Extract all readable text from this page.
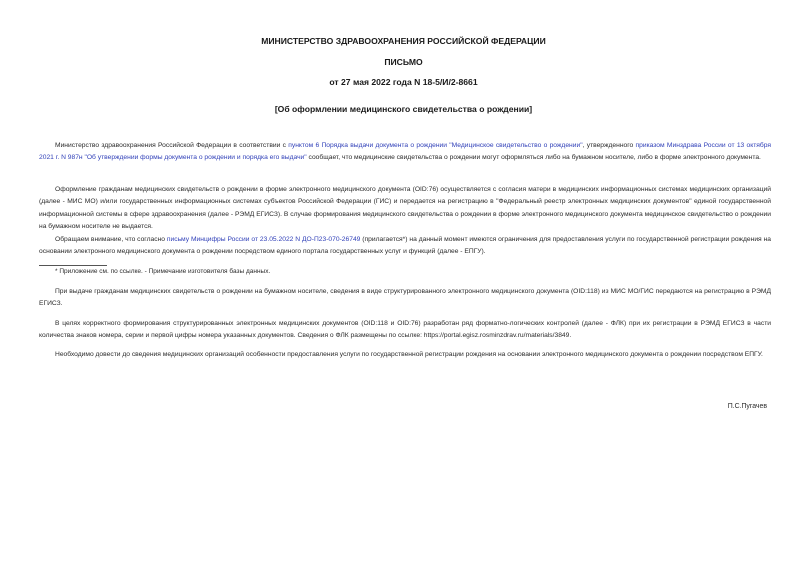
МИНИСТЕРСТВО ЗДРАВООХРАНЕНИЯ РОССИЙСКОЙ ФЕДЕРАЦИИ
ПИСЬМО
от 27 мая 2022 года N 18-5/И/2-8661
[Об оформлении медицинского свидетельства о рождении]
Министерство здравоохранения Российской Федерации в соответствии с пунктом 6 Порядка выдачи документа о рождении "Медицинское свидетельство о рождении", утвержденного приказом Минздрава России от 13 октября 2021 г. N 987н "Об утверждении формы документа о рождении и порядка его выдачи" сообщает, что медицинские свидетельства о рождении могут оформляться либо на бумажном носителе, либо в форме электронного документа.
Оформление гражданам медицинских свидетельств о рождении в форме электронного медицинского документа (OID:76) осуществляется с согласия матери в медицинских информационных системах медицинских организаций (далее - МИС МО) и/или государственных информационных системах субъектов Российской Федерации (ГИС) и передается на регистрацию в "Федеральный реестр электронных медицинских документов" единой государственной информационной системы в сфере здравоохранения (далее - РЭМД ЕГИСЗ). В случае формирования медицинского свидетельства о рождении в форме электронного медицинского документа медицинское свидетельство о рождении на бумажном носителе не выдается.
Обращаем внимание, что согласно письму Минцифры России от 23.05.2022 N ДО-П23-070-26749 (прилагается*) на данный момент имеются ограничения для предоставления услуги по государственной регистрации рождения на основании электронного медицинского документа о рождении посредством единого портала государственных услуг и функций (далее - ЕПГУ).
* Приложение см. по ссылке. - Примечание изготовителя базы данных.
При выдаче гражданам медицинских свидетельств о рождении на бумажном носителе, сведения в виде структурированного электронного медицинского документа (OID:118) из МИС МО/ГИС передаются на регистрацию в РЭМД ЕГИСЗ.
В целях корректного формирования структурированных электронных медицинских документов (OID:118 и OID:76) разработан ряд форматно-логических контролей (далее - ФЛК) при их регистрации в РЭМД ЕГИСЗ в части количества знаков номера, серии и первой цифры номера указанных документов. Сведения о ФЛК размещены по ссылке: https://portal.egisz.rosminzdrav.ru/materials/3849.
Необходимо довести до сведения медицинских организаций особенности предоставления услуги по государственной регистрации рождения на основании электронного медицинского документа о рождении посредством ЕПГУ.
П.С.Пугачев
